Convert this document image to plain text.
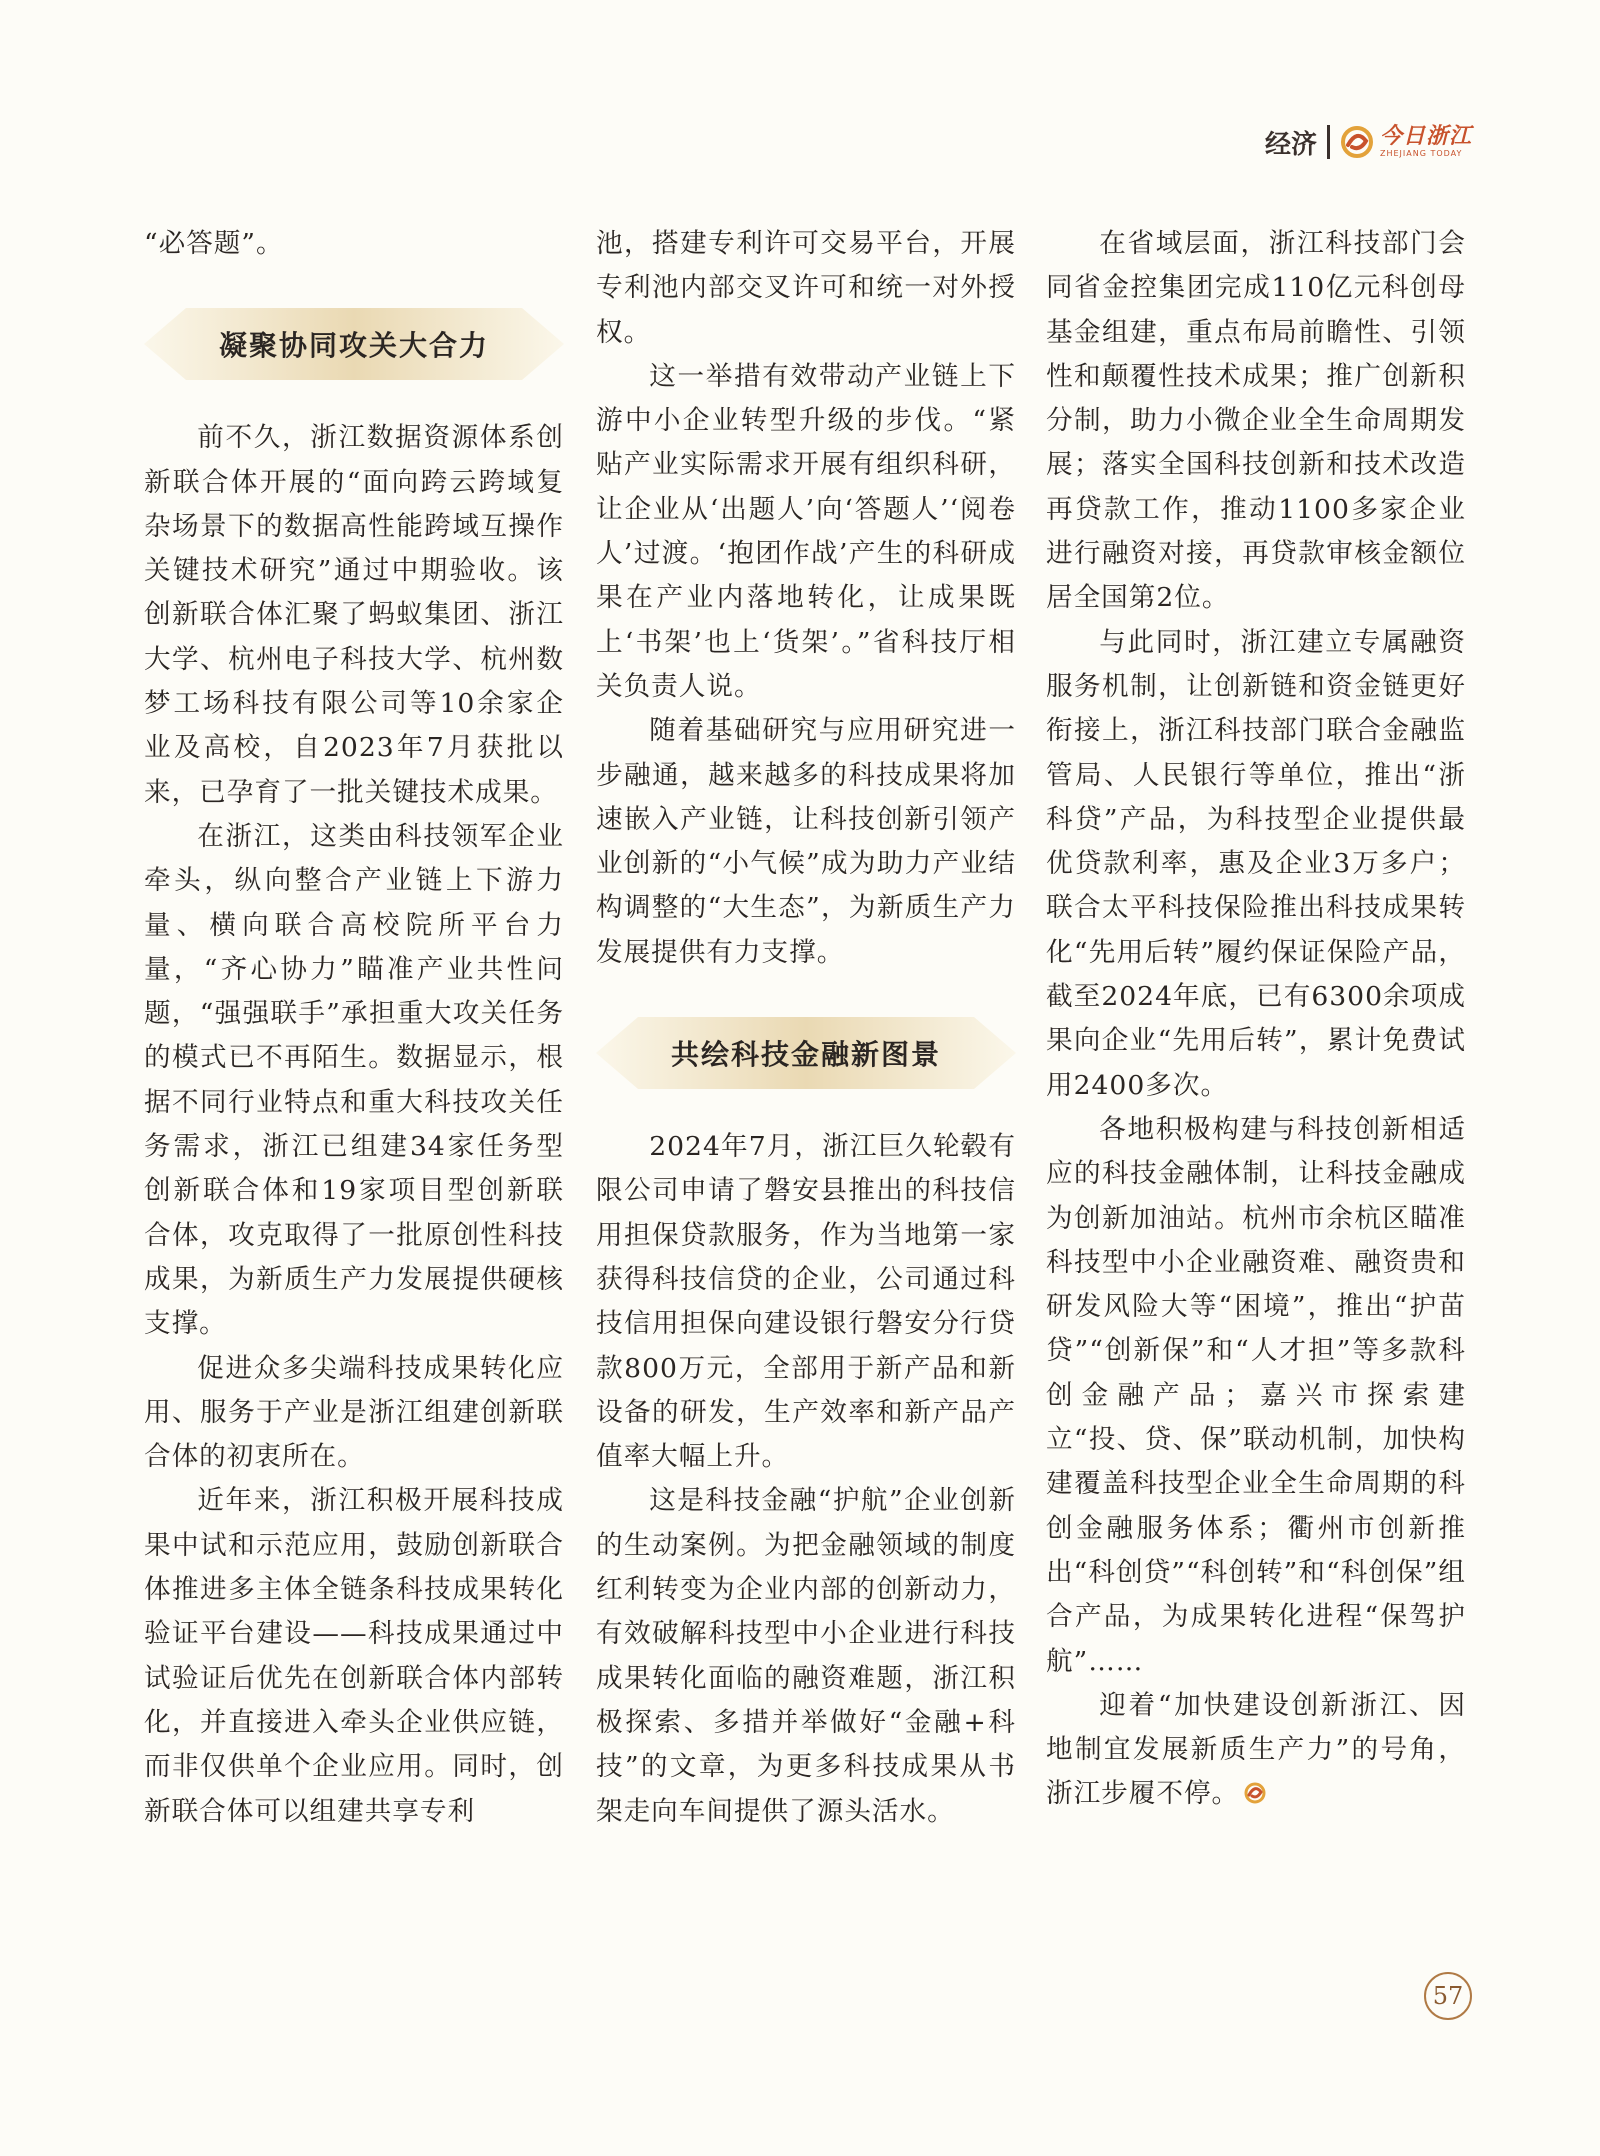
经济	今日浙江
ZHEJIANG TODAY

“必答题”。

凝聚协同攻关大合力

前不久，浙江数据资源体系创新联合体开展的“面向跨云跨域复杂场景下的数据高性能跨域互操作关键技术研究”通过中期验收。该创新联合体汇聚了蚂蚁集团、浙江大学、杭州电子科技大学、杭州数梦工场科技有限公司等10余家企业及高校，自2023年7月获批以来，已孕育了一批关键技术成果。

在浙江，这类由科技领军企业牵头，纵向整合产业链上下游力量、横向联合高校院所平台力量，“齐心协力”瞄准产业共性问题，“强强联手”承担重大攻关任务的模式已不再陌生。数据显示，根据不同行业特点和重大科技攻关任务需求，浙江已组建34家任务型创新联合体和19家项目型创新联合体，攻克取得了一批原创性科技成果，为新质生产力发展提供硬核支撑。

促进众多尖端科技成果转化应用、服务于产业是浙江组建创新联合体的初衷所在。

近年来，浙江积极开展科技成果中试和示范应用，鼓励创新联合体推进多主体全链条科技成果转化验证平台建设——科技成果通过中试验证后优先在创新联合体内部转化，并直接进入牵头企业供应链，而非仅供单个企业应用。同时，创新联合体可以组建共享专利

池，搭建专利许可交易平台，开展专利池内部交叉许可和统一对外授权。

这一举措有效带动产业链上下游中小企业转型升级的步伐。“紧贴产业实际需求开展有组织科研，让企业从‘出题人’向‘答题人’‘阅卷人’过渡。‘抱团作战’产生的科研成果在产业内落地转化，让成果既上‘书架’也上‘货架’。”省科技厅相关负责人说。

随着基础研究与应用研究进一步融通，越来越多的科技成果将加速嵌入产业链，让科技创新引领产业创新的“小气候”成为助力产业结构调整的“大生态”，为新质生产力发展提供有力支撑。

共绘科技金融新图景

2024年7月，浙江巨久轮毂有限公司申请了磐安县推出的科技信用担保贷款服务，作为当地第一家获得科技信贷的企业，公司通过科技信用担保向建设银行磐安分行贷款800万元，全部用于新产品和新设备的研发，生产效率和新产品产值率大幅上升。

这是科技金融“护航”企业创新的生动案例。为把金融领域的制度红利转变为企业内部的创新动力，有效破解科技型中小企业进行科技成果转化面临的融资难题，浙江积极探索、多措并举做好“金融+科技”的文章，为更多科技成果从书架走向车间提供了源头活水。

在省域层面，浙江科技部门会同省金控集团完成110亿元科创母基金组建，重点布局前瞻性、引领性和颠覆性技术成果；推广创新积分制，助力小微企业全生命周期发展；落实全国科技创新和技术改造再贷款工作，推动1100多家企业进行融资对接，再贷款审核金额位居全国第2位。

与此同时，浙江建立专属融资服务机制，让创新链和资金链更好衔接上，浙江科技部门联合金融监管局、人民银行等单位，推出“浙科贷”产品，为科技型企业提供最优贷款利率，惠及企业3万多户；联合太平科技保险推出科技成果转化“先用后转”履约保证保险产品，截至2024年底，已有6300余项成果向企业“先用后转”，累计免费试用2400多次。

各地积极构建与科技创新相适应的科技金融体制，让科技金融成为创新加油站。杭州市余杭区瞄准科技型中小企业融资难、融资贵和研发风险大等“困境”，推出“护苗贷”“创新保”和“人才担”等多款科创金融产品；嘉兴市探索建立“投、贷、保”联动机制，加快构建覆盖科技型企业全生命周期的科创金融服务体系；衢州市创新推出“科创贷”“科创转”和“科创保”组合产品，为成果转化进程“保驾护航”……

迎着“加快建设创新浙江、因地制宜发展新质生产力”的号角，浙江步履不停。

57
